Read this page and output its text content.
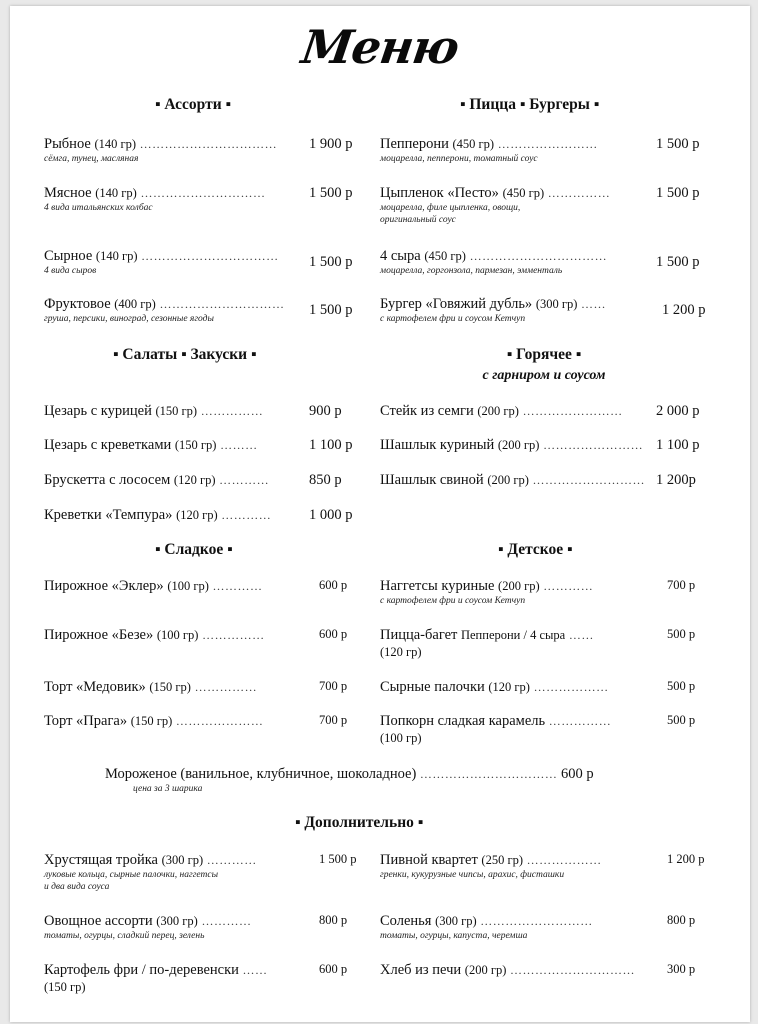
Меню
▪ Ассорти ▪	▪ Пицца ▪ Бургеры ▪
▪ Салаты ▪ Закуски ▪	▪ Горячее ▪
с гарниром и соусом
▪ Сладкое ▪	▪ Детское ▪
▪ Дополнительно ▪
Рыбное (140 гр) ……………………………
сёмга, тунец, масляная
1 900 р
Мясное (140 гр) …………………………
4 вида итальянских колбас
1 500 р
Сырное (140 гр) ……………………………
4 вида сыров
1 500 р
Фруктовое (400 гр) …………………………
груша, персики, виноград, сезонные ягоды
1 500 р
Пепперони (450 гр) ……………………
моцарелла, пепперони, томатный соус
1 500 р
Цыпленок «Песто» (450 гр) ……………
моцарелла, филе цыпленка, овощи,
оригинальный соус
1 500 р
4 сыра (450 гр) ……………………………
моцарелла, горгонзола, пармезан, эмменталь
1 500 р
Бургер «Говяжий дубль» (300 гр) ……
с картофелем фри и соусом Кетчуп
1 200 р
Цезарь с курицей (150 гр) ……………	900 р
Цезарь с креветками (150 гр) ………	1 100 р
Брускетта с лососем (120 гр) …………	850 р
Креветки «Темпура» (120 гр) …………	1 000 р
Стейк из семги (200 гр) …………………… 2 000 р
Шашлык куриный (200 гр) …………………… 1 100 р
Шашлык свиной (200 гр) ……………………… 1 200р
Пирожное «Эклер» (100 гр) …………	600 р
Пирожное «Безе» (100 гр) ……………	600 р
Торт «Медовик» (150 гр) ……………	700 р
Торт «Прага» (150 гр) …………………	700 р
Наггетсы куриные (200 гр) …………
с картофелем фри и соусом Кетчуп
700 р
Пицца-багет Пепперони / 4 сыра ……
(120 гр)
500 р
Сырные палочки (120 гр) ………………	500 р
Попкорн сладкая карамель ……………
(100 гр)
500 р
Мороженое (ванильное, клубничное, шоколадное) …………………………… 600 р
цена за 3 шарика
Хрустящая тройка (300 гр) …………
луковые кольца, сырные палочки, наггетсы
и два вида соуса
1 500 р Пивной квартет (250 гр) ………………
гренки, кукурузные чипсы, арахис, фисташки
1 200 р
Овощное ассорти (300 гр) …………
томаты, огурцы, сладкий перец, зелень
800 р Соленья (300 гр) ………………………
томаты, огурцы, капуста, черемша
800 р
Картофель фри / по-деревенски ……
(150 гр)
600 р Хлеб из печи (200 гр) …………………………	300 р
